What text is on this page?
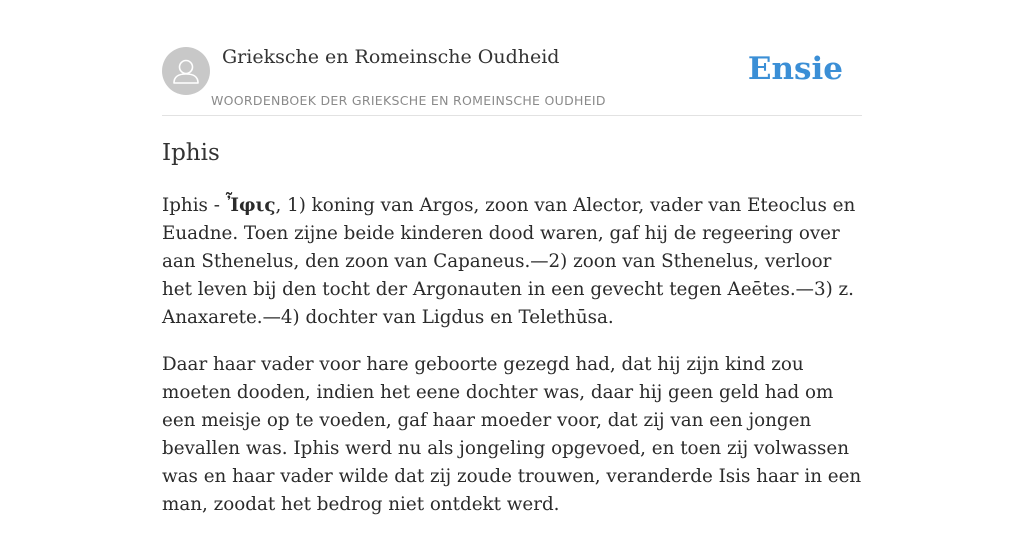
Grieksche en Romeinsche Oudheid
WOORDENBOEK DER GRIEKSCHE EN ROMEINSCHE OUDHEID
Ensie
Iphis

Iphis - Ἶφις, 1) koning van Argos, zoon van Alector, vader van Eteoclus en Euadne. Toen zijne beide kinderen dood waren, gaf hij de regeering over aan Sthenelus, den zoon van Capaneus.—2) zoon van Sthenelus, verloor het leven bij den tocht der Argonauten in een gevecht tegen Aeētes.—3) z. Anaxarete.—4) dochter van Ligdus en Telethūsa.

Daar haar vader voor hare geboorte gezegd had, dat hij zijn kind zou moeten dooden, indien het eene dochter was, daar hij geen geld had om een meisje op te voeden, gaf haar moeder voor, dat zij van een jongen bevallen was. Iphis werd nu als jongeling opgevoed, en toen zij volwassen was en haar vader wilde dat zij zoude trouwen, veranderde Isis haar in een man, zoodat het bedrog niet ontdekt werd.
